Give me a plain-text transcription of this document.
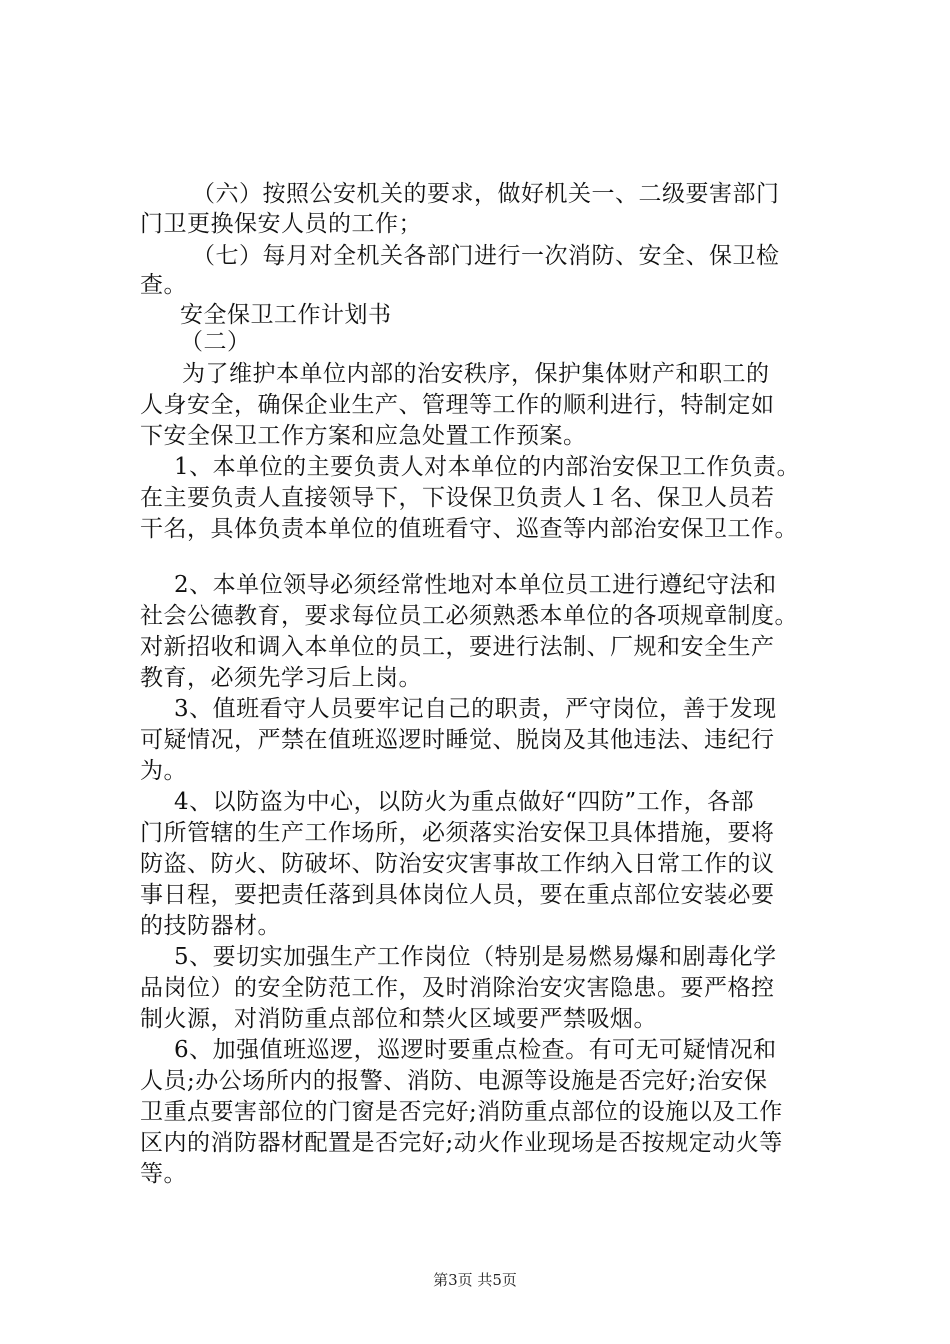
（六）按照公安机关的要求，做好机关一、二级要害部门
门卫更换保安人员的工作；
（七）每月对全机关各部门进行一次消防、安全、保卫检
查。
安全保卫工作计划书
（二）
为了维护本单位内部的治安秩序，保护集体财产和职工的
人身安全，确保企业生产、管理等工作的顺利进行，特制定如
下安全保卫工作方案和应急处置工作预案。
1、本单位的主要负责人对本单位的内部治安保卫工作负责。
在主要负责人直接领导下，下设保卫负责人１名、保卫人员若
干名，具体负责本单位的值班看守、巡查等内部治安保卫工作。
2、本单位领导必须经常性地对本单位员工进行遵纪守法和
社会公德教育，要求每位员工必须熟悉本单位的各项规章制度。
对新招收和调入本单位的员工，要进行法制、厂规和安全生产
教育，必须先学习后上岗。
3、值班看守人员要牢记自己的职责，严守岗位，善于发现
可疑情况，严禁在值班巡逻时睡觉、脱岗及其他违法、违纪行
为。
4、以防盗为中心，以防火为重点做好“四防”工作，各部
门所管辖的生产工作场所，必须落实治安保卫具体措施，要将
防盗、防火、防破坏、防治安灾害事故工作纳入日常工作的议
事日程，要把责任落到具体岗位人员，要在重点部位安装必要
的技防器材。
5、要切实加强生产工作岗位（特别是易燃易爆和剧毒化学
品岗位）的安全防范工作，及时消除治安灾害隐患。要严格控
制火源，对消防重点部位和禁火区域要严禁吸烟。
6、加强值班巡逻，巡逻时要重点检查。有可无可疑情况和
人员;办公场所内的报警、消防、电源等设施是否完好;治安保
卫重点要害部位的门窗是否完好;消防重点部位的设施以及工作
区内的消防器材配置是否完好;动火作业现场是否按规定动火等
等。
第3页 共5页
